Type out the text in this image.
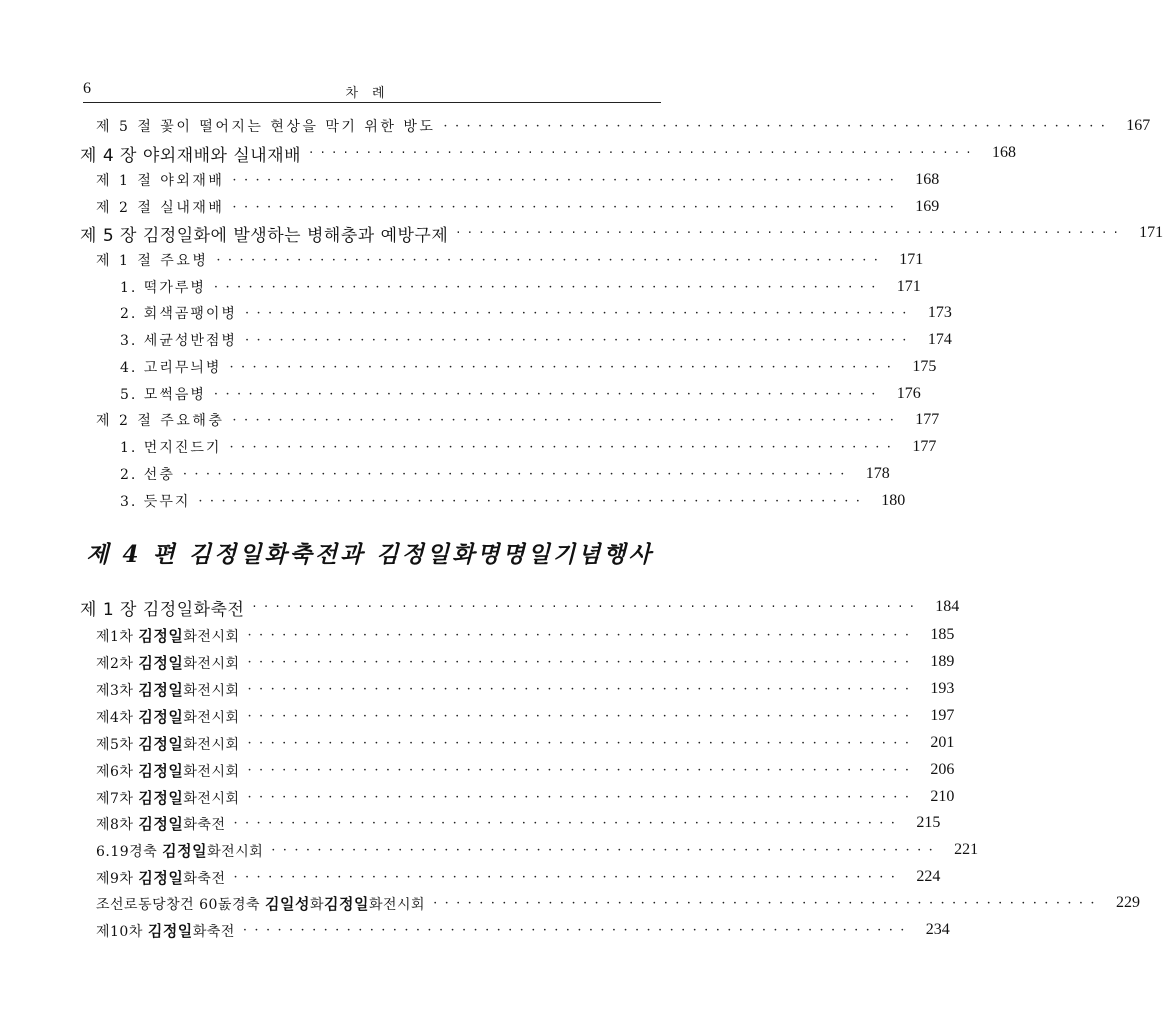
6	차례
제 5 절 꽃이 떨어지는 현상을 막기 위한 방도 ·························································· 167
제 4 장 야외재배와 실내재배 ·························································· 168
제 1 절 야외재배 ·························································· 168
제 2 절 실내재배 ·························································· 169
제 5 장 김정일화에 발생하는 병해충과 예방구제 ·························································· 171
제 1 절 주요병 ·························································· 171
1. 떡가루병 ·························································· 171
2. 회색곰팽이병 ·························································· 173
3. 세균성반점병 ·························································· 174
4. 고리무늬병 ·························································· 175
5. 모썩음병 ·························································· 176
제 2 절 주요해충 ·························································· 177
1. 먼지진드기 ·························································· 177
2. 선충 ·························································· 178
3. 듯무지 ·························································· 180
제 4 편 김정일화축전과 김정일화명명일기념행사
제 1 장 김정일화축전 ·························································· 184
제1차 김정일화전시회 ·························································· 185
제2차 김정일화전시회 ·························································· 189
제3차 김정일화전시회 ·························································· 193
제4차 김정일화전시회 ·························································· 197
제5차 김정일화전시회 ·························································· 201
제6차 김정일화전시회 ·························································· 206
제7차 김정일화전시회 ·························································· 210
제8차 김정일화축전 ·························································· 215
6.19경축 김정일화전시회 ·························································· 221
제9차 김정일화축전 ·························································· 224
조선로동당창건 60돐경축 김일성화김정일화전시회 ·························································· 229
제10차 김정일화축전 ·························································· 234
